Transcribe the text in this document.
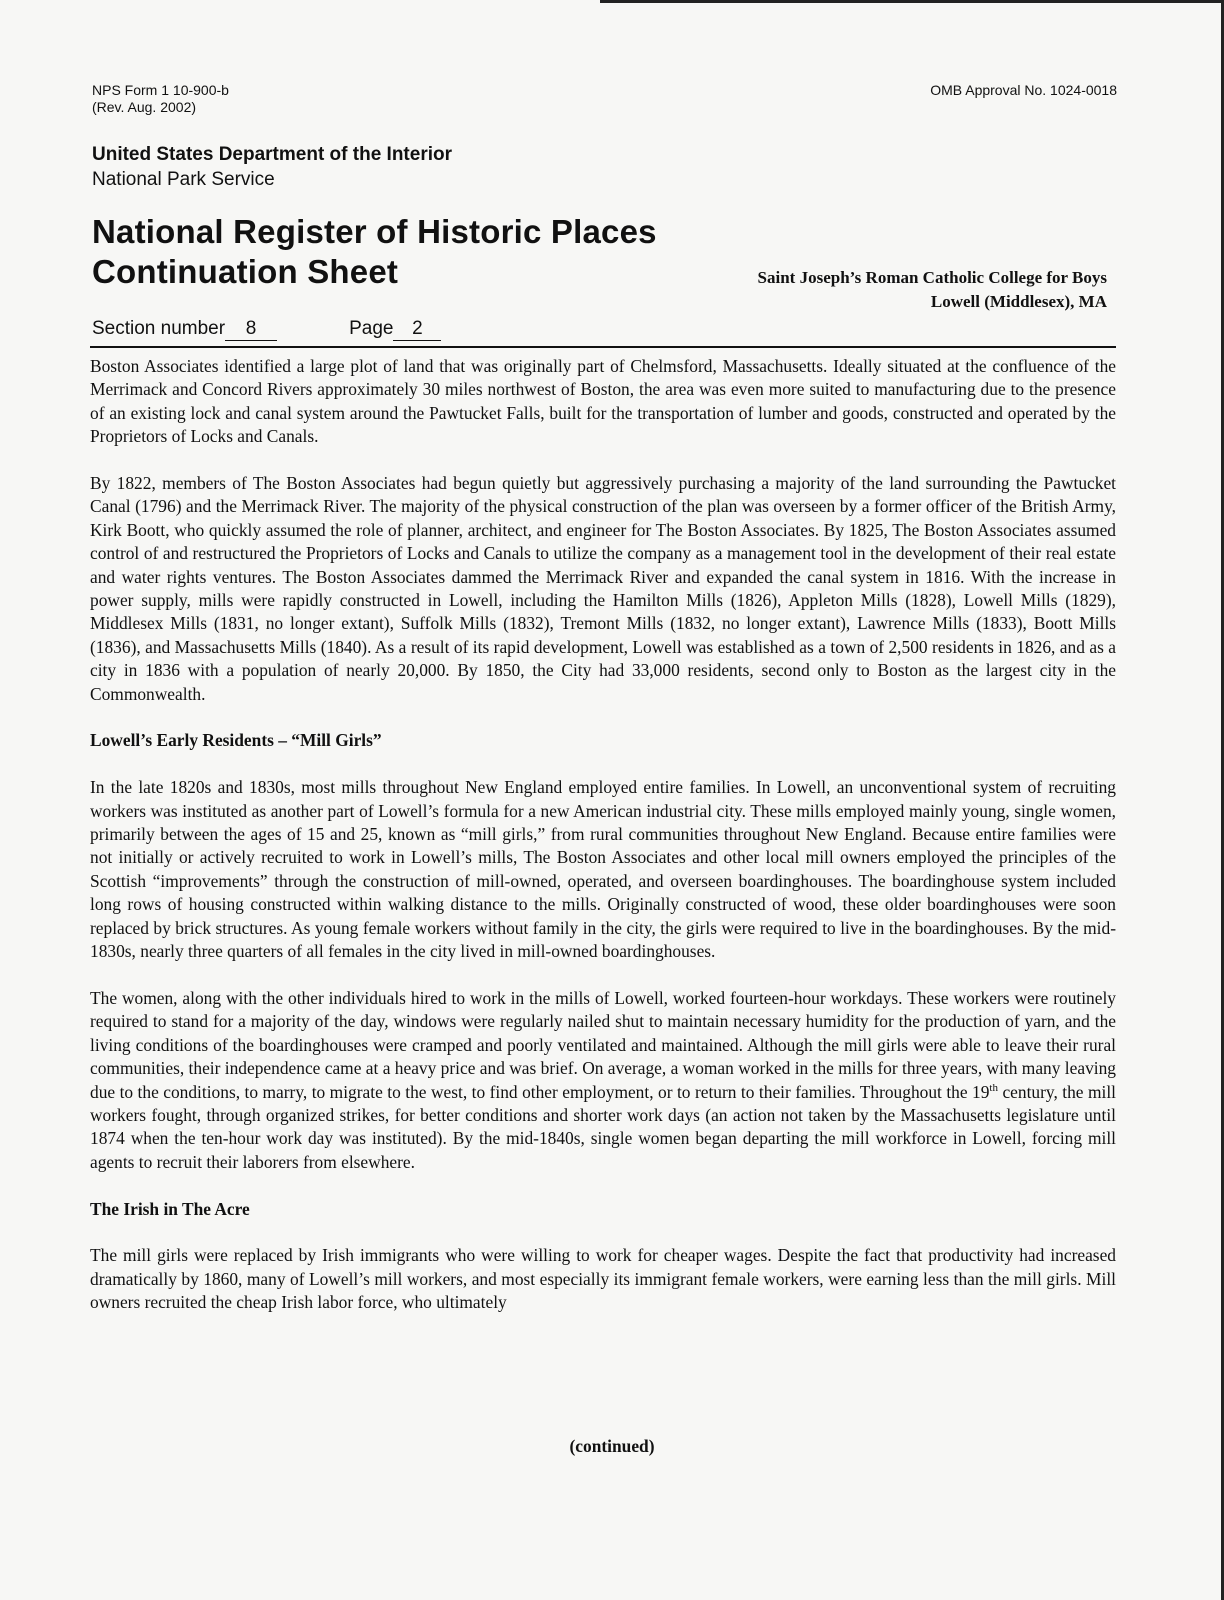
NPS Form 1 10-900-b
(Rev. Aug. 2002)
OMB Approval No. 1024-0018
United States Department of the Interior
National Park Service
National Register of Historic Places
Continuation Sheet	Saint Joseph’s Roman Catholic College for Boys
Lowell (Middlesex), MA
Section number 8	Page 2

Boston Associates identified a large plot of land that was originally part of Chelmsford, Massachusetts. Ideally situated at the confluence of the Merrimack and Concord Rivers approximately 30 miles northwest of Boston, the area was even more suited to manufacturing due to the presence of an existing lock and canal system around the Pawtucket Falls, built for the transportation of lumber and goods, constructed and operated by the Proprietors of Locks and Canals.

By 1822, members of The Boston Associates had begun quietly but aggressively purchasing a majority of the land surrounding the Pawtucket Canal (1796) and the Merrimack River. The majority of the physical construction of the plan was overseen by a former officer of the British Army, Kirk Boott, who quickly assumed the role of planner, architect, and engineer for The Boston Associates. By 1825, The Boston Associates assumed control of and restructured the Proprietors of Locks and Canals to utilize the company as a management tool in the development of their real estate and water rights ventures. The Boston Associates dammed the Merrimack River and expanded the canal system in 1816. With the increase in power supply, mills were rapidly constructed in Lowell, including the Hamilton Mills (1826), Appleton Mills (1828), Lowell Mills (1829), Middlesex Mills (1831, no longer extant), Suffolk Mills (1832), Tremont Mills (1832, no longer extant), Lawrence Mills (1833), Boott Mills (1836), and Massachusetts Mills (1840). As a result of its rapid development, Lowell was established as a town of 2,500 residents in 1826, and as a city in 1836 with a population of nearly 20,000. By 1850, the City had 33,000 residents, second only to Boston as the largest city in the Commonwealth.

Lowell’s Early Residents – “Mill Girls”

In the late 1820s and 1830s, most mills throughout New England employed entire families. In Lowell, an unconventional system of recruiting workers was instituted as another part of Lowell’s formula for a new American industrial city. These mills employed mainly young, single women, primarily between the ages of 15 and 25, known as “mill girls,” from rural communities throughout New England. Because entire families were not initially or actively recruited to work in Lowell’s mills, The Boston Associates and other local mill owners employed the principles of the Scottish “improvements” through the construction of mill-owned, operated, and overseen boardinghouses. The boardinghouse system included long rows of housing constructed within walking distance to the mills. Originally constructed of wood, these older boardinghouses were soon replaced by brick structures. As young female workers without family in the city, the girls were required to live in the boardinghouses. By the mid-1830s, nearly three quarters of all females in the city lived in mill-owned boardinghouses.

The women, along with the other individuals hired to work in the mills of Lowell, worked fourteen-hour workdays. These workers were routinely required to stand for a majority of the day, windows were regularly nailed shut to maintain necessary humidity for the production of yarn, and the living conditions of the boardinghouses were cramped and poorly ventilated and maintained. Although the mill girls were able to leave their rural communities, their independence came at a heavy price and was brief. On average, a woman worked in the mills for three years, with many leaving due to the conditions, to marry, to migrate to the west, to find other employment, or to return to their families. Throughout the 19th century, the mill workers fought, through organized strikes, for better conditions and shorter work days (an action not taken by the Massachusetts legislature until 1874 when the ten-hour work day was instituted). By the mid-1840s, single women began departing the mill workforce in Lowell, forcing mill agents to recruit their laborers from elsewhere.

The Irish in The Acre

The mill girls were replaced by Irish immigrants who were willing to work for cheaper wages. Despite the fact that productivity had increased dramatically by 1860, many of Lowell’s mill workers, and most especially its immigrant female workers, were earning less than the mill girls. Mill owners recruited the cheap Irish labor force, who ultimately

(continued)
